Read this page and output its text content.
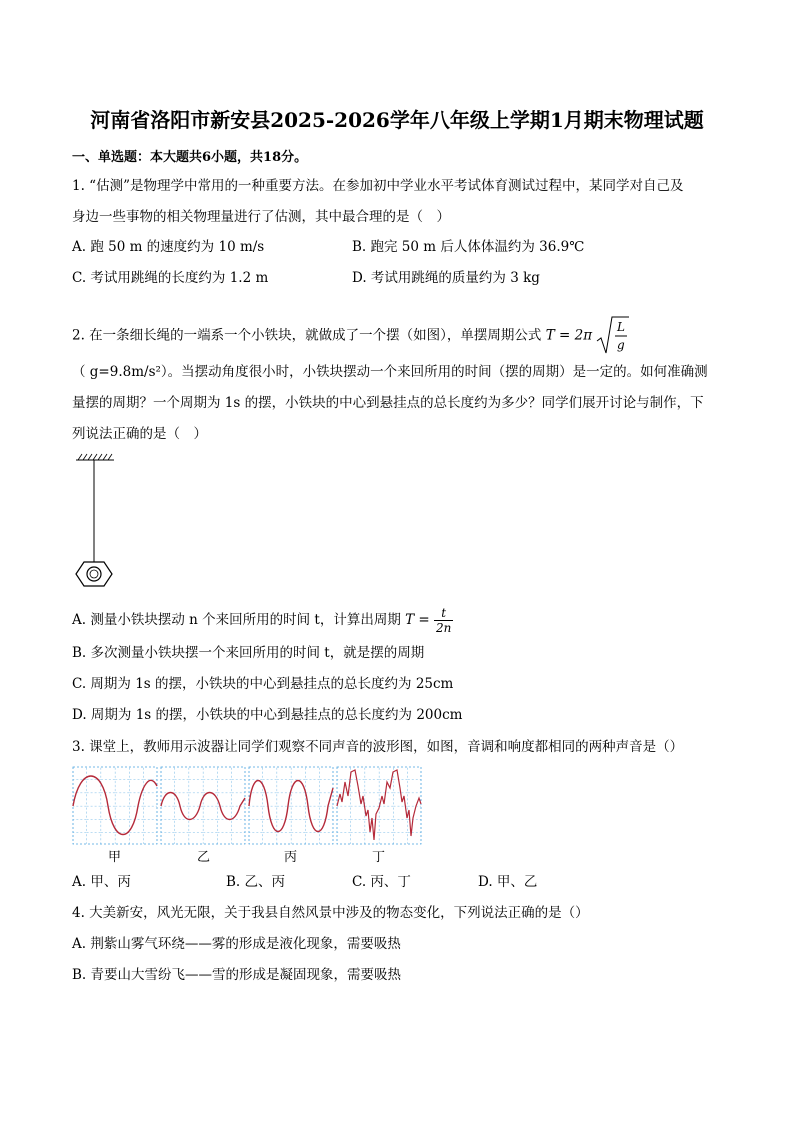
河南省洛阳市新安县2025-2026学年八年级上学期1月期末物理试题
一、单选题：本大题共6小题，共18分。
1. “估测”是物理学中常用的一种重要方法。在参加初中学业水平考试体育测试过程中，某同学对自己及
身边一些事物的相关物理量进行了估测，其中最合理的是（　）
A. 跑 50 m 的速度约为 10 m/s	B. 跑完 50 m 后人体体温约为 36.9℃
C. 考试用跳绳的长度约为 1.2 m	D. 考试用跳绳的质量约为 3 kg
2. 在一条细长绳的一端系一个小铁块，就做成了一个摆（如图），单摆周期公式 T = 2π
L
g
（ g=9.8m/s²）。当摆动角度很小时，小铁块摆动一个来回所用的时间（摆的周期）是一定的。如何准确测
量摆的周期？一个周期为 1s 的摆，小铁块的中心到悬挂点的总长度约为多少？同学们展开讨论与制作，下
列说法正确的是（　）
A. 测量小铁块摆动 n 个来回所用的时间 t，计算出周期 $T = \frac{t}{2n}$
B. 多次测量小铁块摆一个来回所用的时间 t，就是摆的周期
C. 周期为 1s 的摆，小铁块的中心到悬挂点的总长度约为 25cm
D. 周期为 1s 的摆，小铁块的中心到悬挂点的总长度约为 200cm
3. 课堂上，教师用示波器让同学们观察不同声音的波形图，如图，音调和响度都相同的两种声音是（）
甲	乙	丙	丁
A. 甲、丙	B. 乙、丙	C. 丙、丁	D. 甲、乙
4. 大美新安，风光无限，关于我县自然风景中涉及的物态变化，下列说法正确的是（）
A. 荆紫山雾气环绕——雾的形成是液化现象，需要吸热
B. 青要山大雪纷飞——雪的形成是凝固现象，需要吸热
